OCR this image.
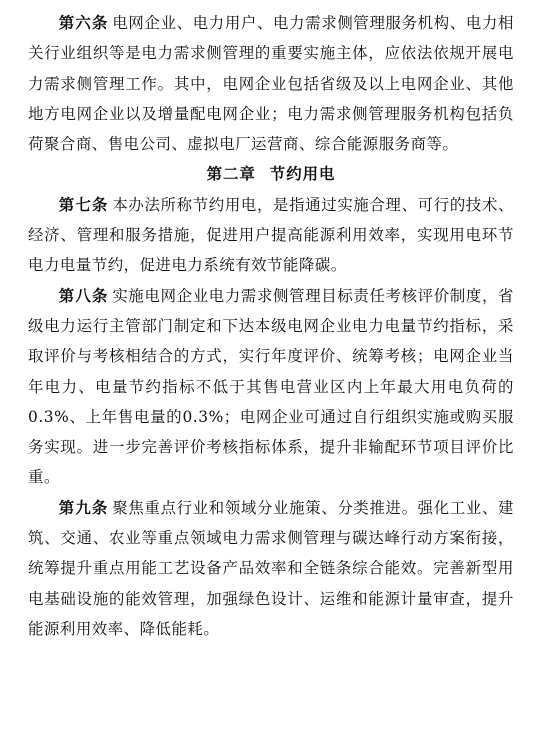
第六条 电网企业、电力用户、电力需求侧管理服务机构、电力相关行业组织等是电力需求侧管理的重要实施主体，应依法依规开展电力需求侧管理工作。其中，电网企业包括省级及以上电网企业、其他地方电网企业以及增量配电网企业；电力需求侧管理服务机构包括负荷聚合商、售电公司、虚拟电厂运营商、综合能源服务商等。

第二章 节约用电

第七条 本办法所称节约用电，是指通过实施合理、可行的技术、经济、管理和服务措施，促进用户提高能源利用效率，实现用电环节电力电量节约，促进电力系统有效节能降碳。

第八条 实施电网企业电力需求侧管理目标责任考核评价制度，省级电力运行主管部门制定和下达本级电网企业电力电量节约指标，采取评价与考核相结合的方式，实行年度评价、统筹考核；电网企业当年电力、电量节约指标不低于其售电营业区内上年最大用电负荷的0.3%、上年售电量的0.3%；电网企业可通过自行组织实施或购买服务实现。进一步完善评价考核指标体系，提升非输配环节项目评价比重。

第九条 聚焦重点行业和领域分业施策、分类推进。强化工业、建筑、交通、农业等重点领域电力需求侧管理与碳达峰行动方案衔接，统筹提升重点用能工艺设备产品效率和全链条综合能效。完善新型用电基础设施的能效管理，加强绿色设计、运维和能源计量审查，提升能源利用效率、降低能耗。
